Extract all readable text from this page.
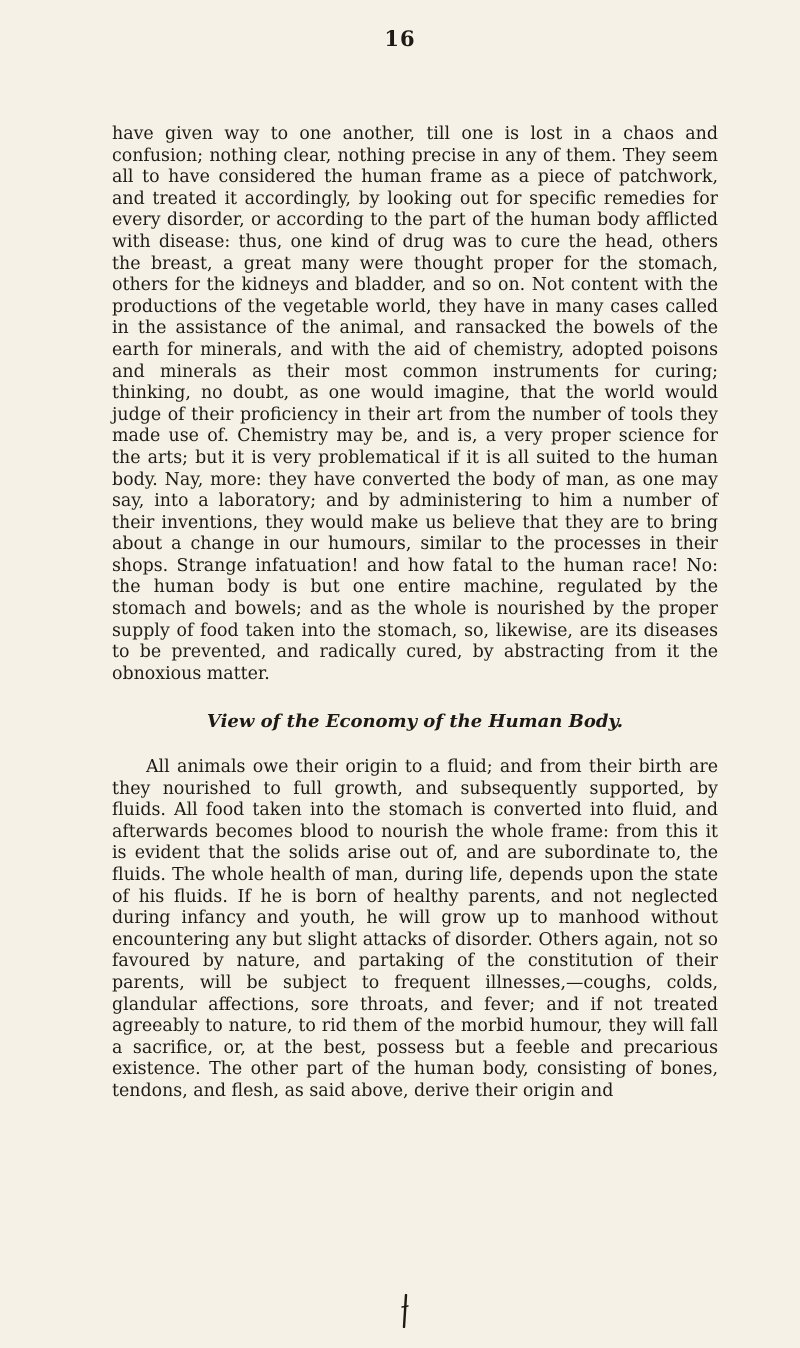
16

have given way to one another, till one is lost in a chaos and confusion; nothing clear, nothing precise in any of them. They seem all to have considered the human frame as a piece of patchwork, and treated it accordingly, by looking out for specific remedies for every disorder, or according to the part of the human body afflicted with disease: thus, one kind of drug was to cure the head, others the breast, a great many were thought proper for the stomach, others for the kidneys and bladder, and so on. Not content with the productions of the vegetable world, they have in many cases called in the assistance of the animal, and ransacked the bowels of the earth for minerals, and with the aid of chemistry, adopted poisons and minerals as their most common instruments for curing; thinking, no doubt, as one would imagine, that the world would judge of their proficiency in their art from the number of tools they made use of. Chemistry may be, and is, a very proper science for the arts; but it is very problematical if it is all suited to the human body. Nay, more: they have converted the body of man, as one may say, into a laboratory; and by administering to him a number of their inventions, they would make us believe that they are to bring about a change in our humours, similar to the processes in their shops. Strange infatuation! and how fatal to the human race! No: the human body is but one entire machine, regulated by the stomach and bowels; and as the whole is nourished by the proper supply of food taken into the stomach, so, likewise, are its diseases to be prevented, and radically cured, by abstracting from it the obnoxious matter.

View of the Economy of the Human Body.

All animals owe their origin to a fluid; and from their birth are they nourished to full growth, and subsequently supported, by fluids. All food taken into the stomach is converted into fluid, and afterwards becomes blood to nourish the whole frame: from this it is evident that the solids arise out of, and are subordinate to, the fluids. The whole health of man, during life, depends upon the state of his fluids. If he is born of healthy parents, and not neglected during infancy and youth, he will grow up to manhood without encountering any but slight attacks of disorder. Others again, not so favoured by nature, and partaking of the constitution of their parents, will be subject to frequent illnesses,—coughs, colds, glandular affections, sore throats, and fever; and if not treated agreeably to nature, to rid them of the morbid humour, they will fall a sacrifice, or, at the best, possess but a feeble and precarious existence. The other part of the human body, consisting of bones, tendons, and flesh, as said above, derive their origin and
